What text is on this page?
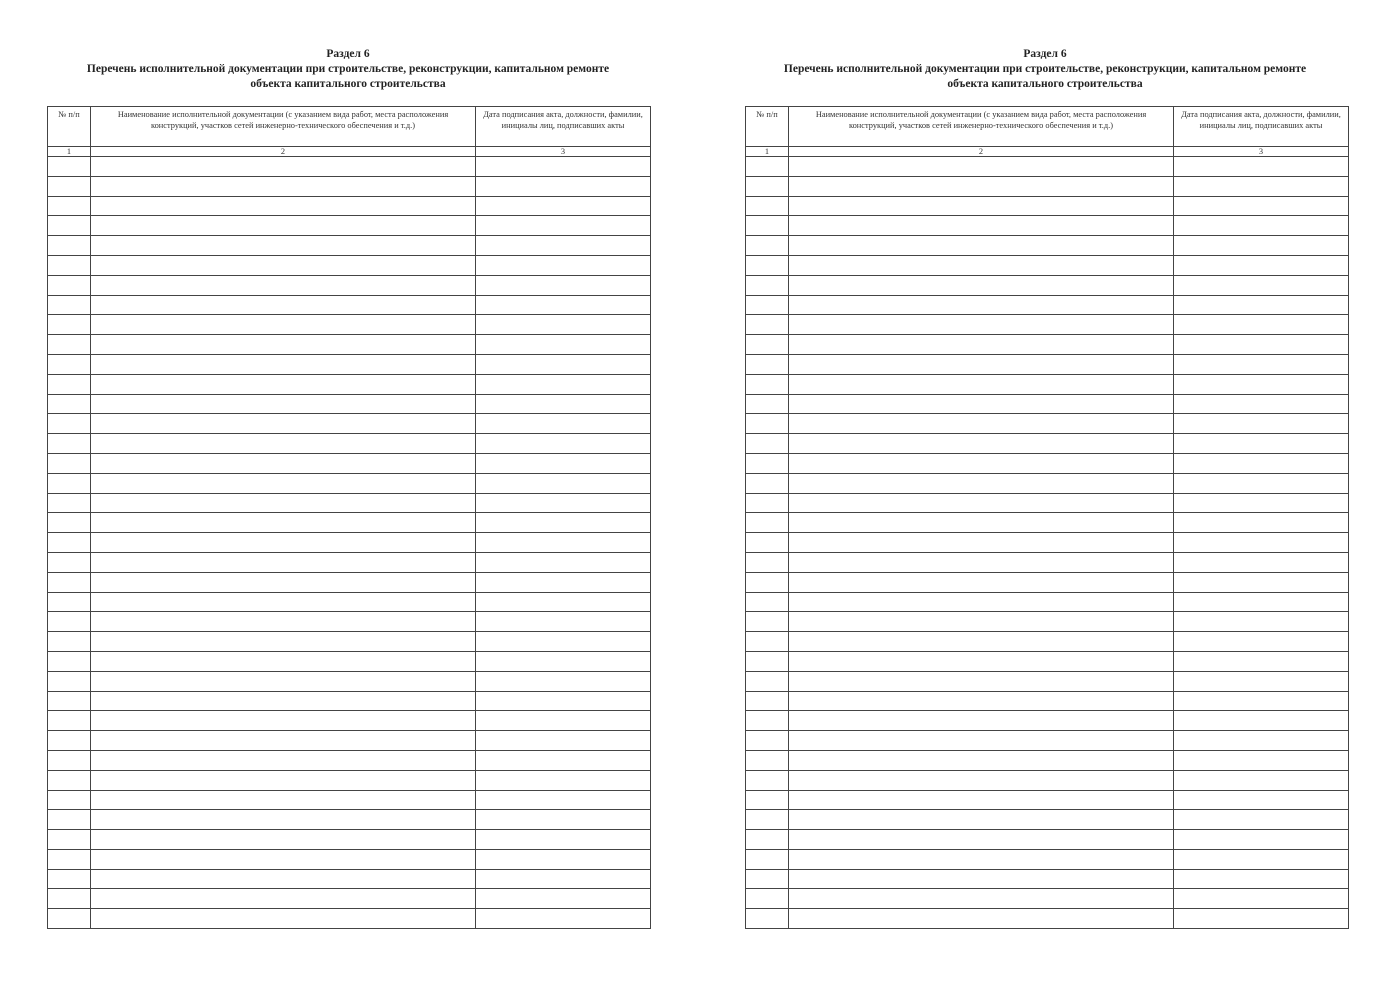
Раздел 6
Перечень исполнительной документации при строительстве, реконструкции, капитальном ремонте
объекта капитального строительства
№ п/п	Наименование исполнительной документации (с указанием вида работ, места расположения конструкций, участков сетей инженерно-технического обеспечения и т.д.)	Дата подписания акта, должности, фамилии, инициалы лиц, подписавших акты
1	2	3

Раздел 6
Перечень исполнительной документации при строительстве, реконструкции, капитальном ремонте
объекта капитального строительства
№ п/п	Наименование исполнительной документации (с указанием вида работ, места расположения конструкций, участков сетей инженерно-технического обеспечения и т.д.)	Дата подписания акта, должности, фамилии, инициалы лиц, подписавших акты
1	2	3
